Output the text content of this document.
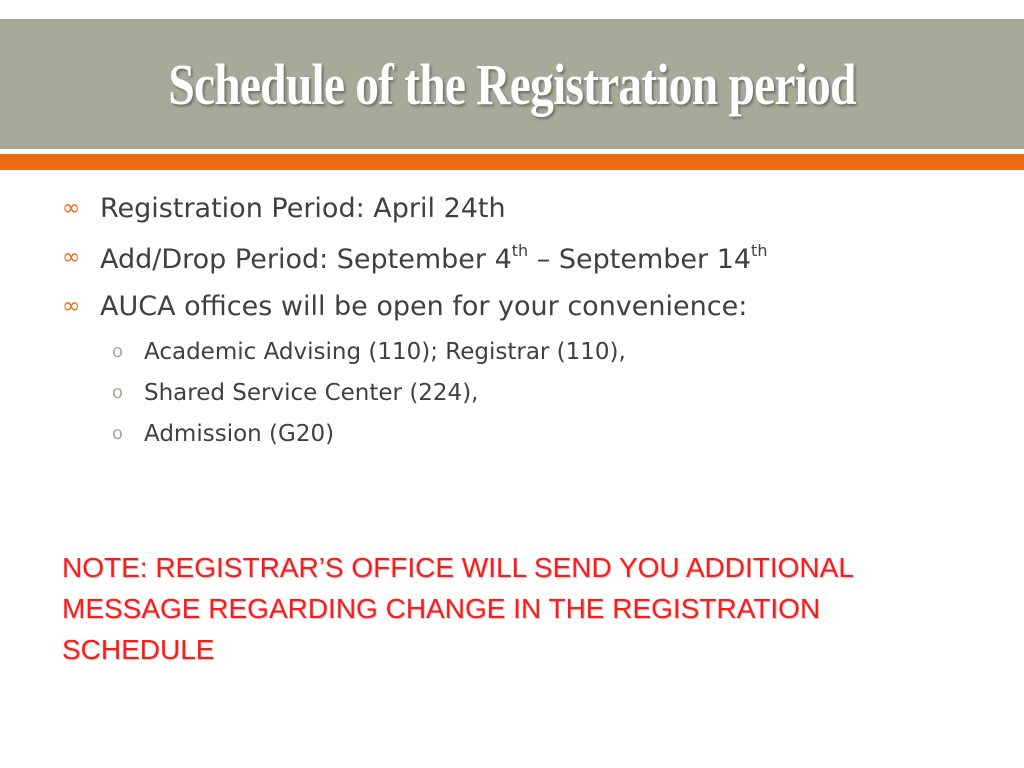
Schedule of the Registration period
∞ Registration Period: April 24th
∞ Add/Drop Period: September 4th – September 14th
∞ AUCA offices will be open for your convenience:
o Academic Advising (110); Registrar (110),
o Shared Service Center (224),
o Admission (G20)
NOTE: REGISTRAR’S OFFICE WILL SEND YOU ADDITIONAL MESSAGE REGARDING CHANGE IN THE REGISTRATION SCHEDULE
